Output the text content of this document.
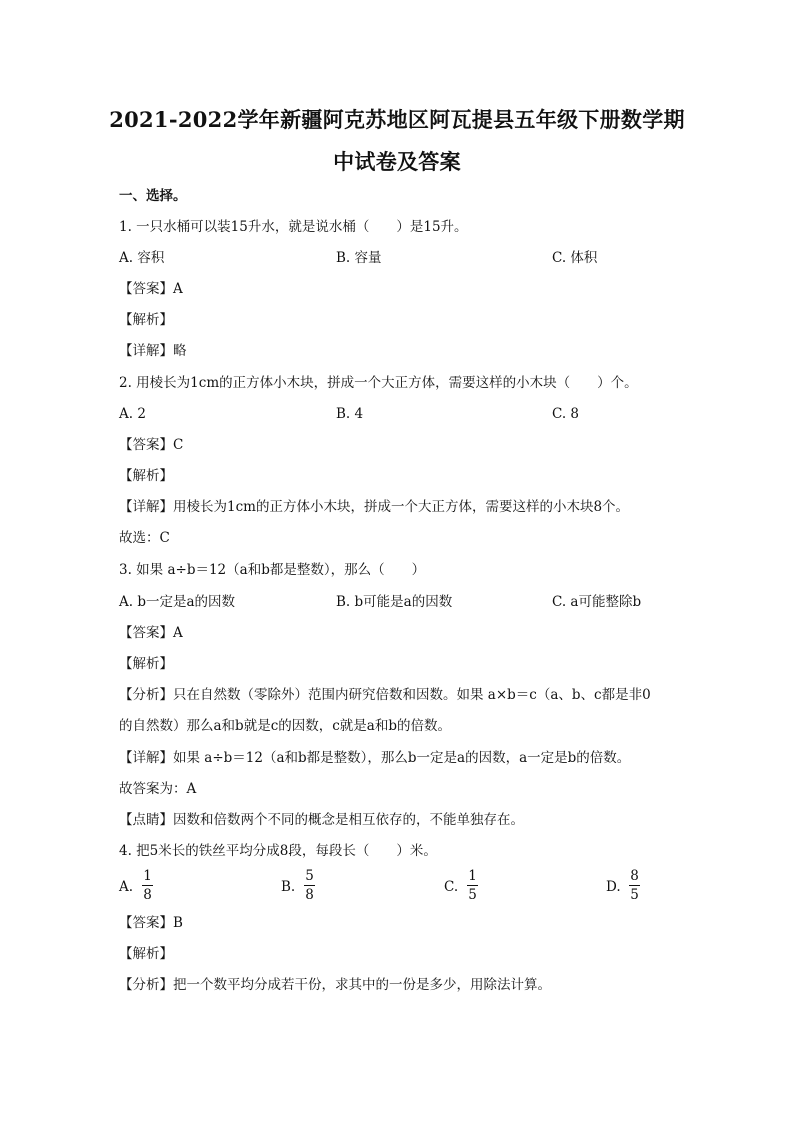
2021-2022学年新疆阿克苏地区阿瓦提县五年级下册数学期
中试卷及答案
一、选择。
1. 一只水桶可以装15升水，就是说水桶（　　）是15升。
A. 容积	B. 容量	C. 体积
【答案】A
【解析】
【详解】略
2. 用棱长为1cm的正方体小木块，拼成一个大正方体，需要这样的小木块（　　）个。
A. 2	B. 4	C. 8
【答案】C
【解析】
【详解】用棱长为1cm的正方体小木块，拼成一个大正方体，需要这样的小木块8个。
故选：C
3. 如果 a÷b＝12（a和b都是整数），那么（　　）
A. b一定是a的因数	B. b可能是a的因数	C. a可能整除b
【答案】A
【解析】
【分析】只在自然数（零除外）范围内研究倍数和因数。如果 a×b＝c（a、b、c都是非0
的自然数）那么a和b就是c的因数，c就是a和b的倍数。
【详解】如果 a÷b＝12（a和b都是整数），那么b一定是a的因数，a一定是b的倍数。
故答案为：A
【点睛】因数和倍数两个不同的概念是相互依存的，不能单独存在。
4. 把5米长的铁丝平均分成8段，每段长（　　）米。
A.
1
8	B.
5
8	C.
1
5	D.
8
5
【答案】B
【解析】
【分析】把一个数平均分成若干份，求其中的一份是多少，用除法计算。
